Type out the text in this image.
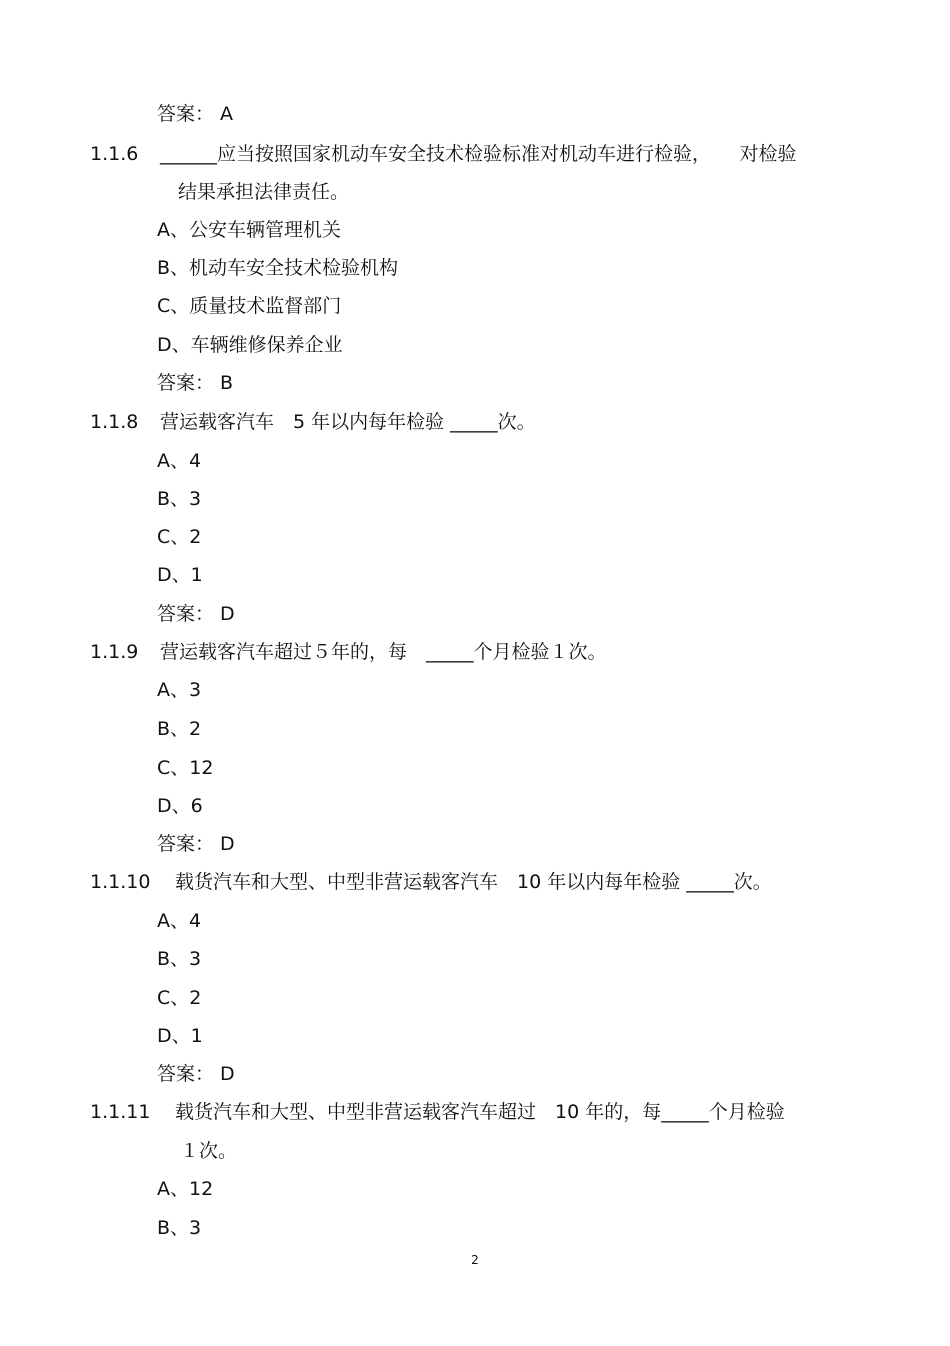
答案： A
1.1.6 ______应当按照国家机动车安全技术检验标准对机动车进行检验，　　对检验
结果承担法律责任。
A、公安车辆管理机关
B、机动车安全技术检验机构
C、质量技术监督部门
D、车辆维修保养企业
答案： B
1.1.8 营运载客汽车　5 年以内每年检验 _____次。
A、4
B、3
C、2
D、1
答案： D
1.1.9 营运载客汽车超过５年的，每　_____个月检验１次。
A、3
B、2
C、12
D、6
答案： D
1.1.10 载货汽车和大型、中型非营运载客汽车　10 年以内每年检验 _____次。
A、4
B、3
C、2
D、1
答案： D
1.1.11 载货汽车和大型、中型非营运载客汽车超过　10 年的，每_____个月检验
１次。
A、12
B、3
2
